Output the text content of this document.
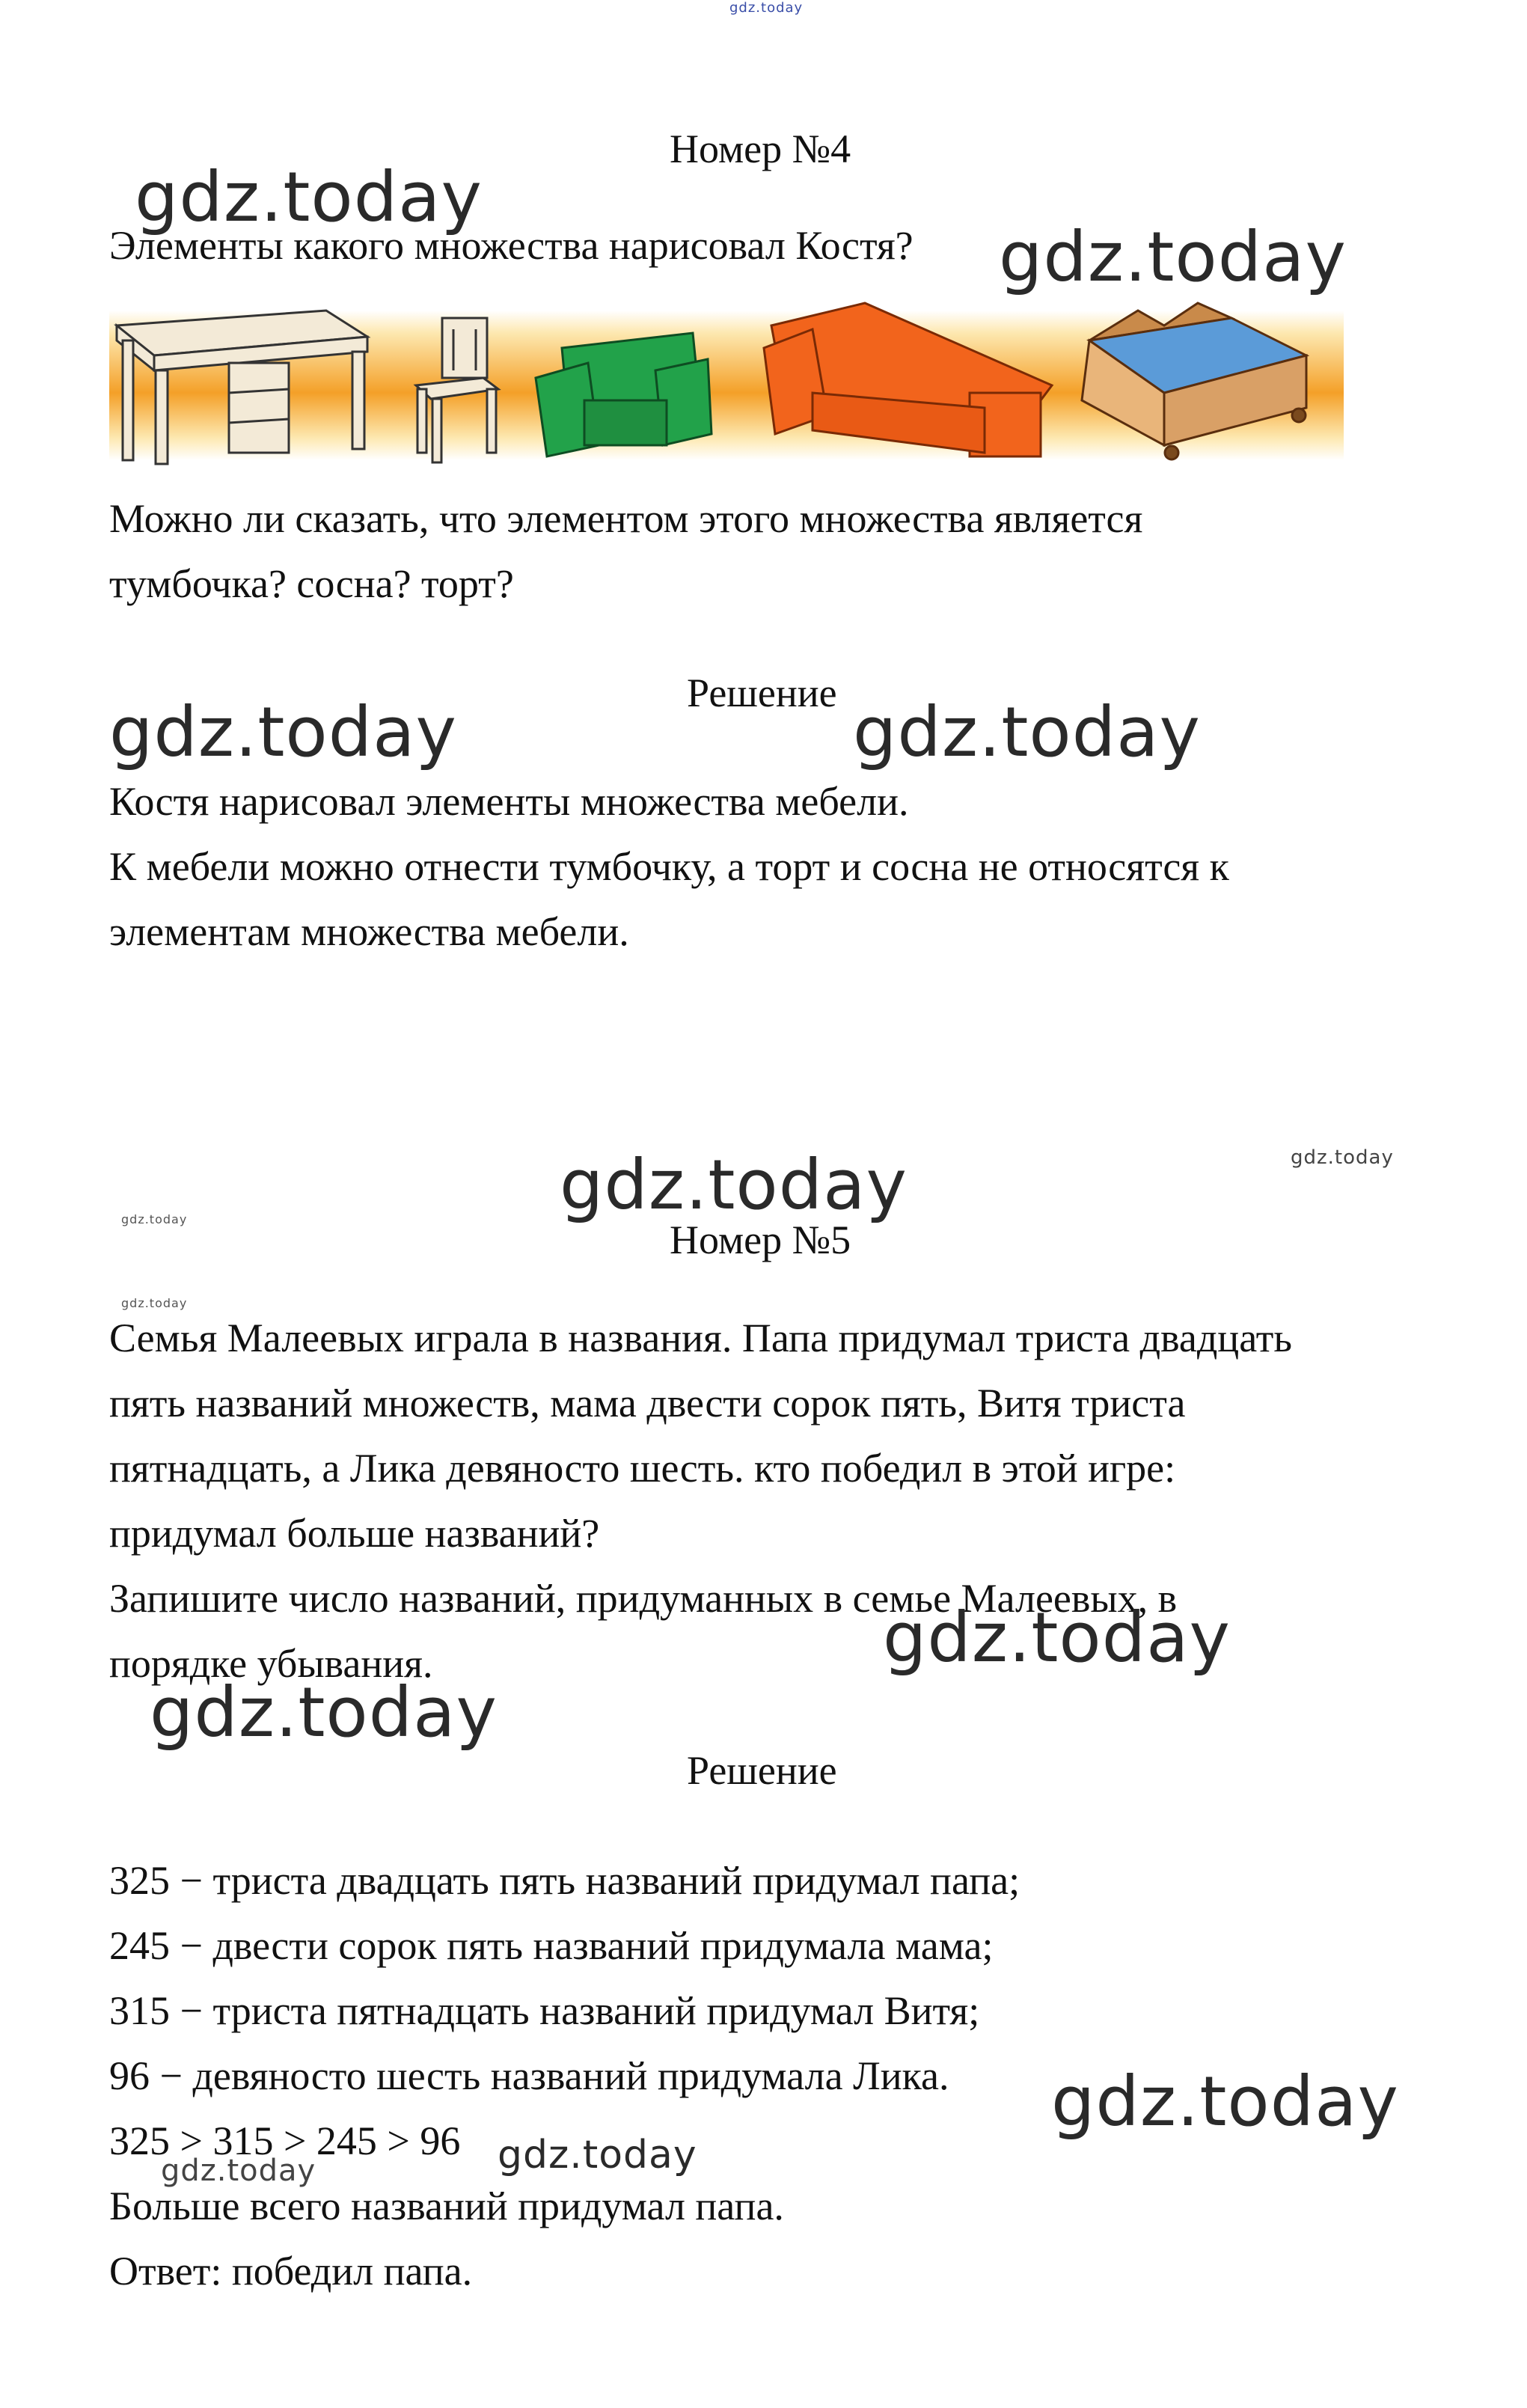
gdz.today
Номер №4
Элементы какого множества нарисовал Костя?
gdz.today
gdz.today
Можно ли сказать, что элементом этого множества является
тумбочка? сосна? торт?
Решение
gdz.today	gdz.today
Костя нарисовал элементы множества мебели.
К мебели можно отнести тумбочку, а торт и сосна не относятся к
элементам множества мебели.
gdz.today
gdz.today
gdz.today	Номер №5
gdz.today
Семья Малеевых играла в названия. Папа придумал триста двадцать
пять названий множеств, мама двести сорок пять, Витя триста
пятнадцать, а Лика девяносто шесть. кто победил в этой игре:
придумал больше названий?
Запишите число названий, придуманных в семье Малеевых, в
порядке убывания.	gdz.today
gdz.today
Решение
325 − триста двадцать пять названий придумал папа;
245 − двести сорок пять названий придумала мама;
315 − триста пятнадцать названий придумал Витя;
96 − девяносто шесть названий придумала Лика.
325 > 315 > 245 > 96
Больше всего названий придумал папа.
Ответ: победил папа.
gdz.today
gdz.today
gdz.today
